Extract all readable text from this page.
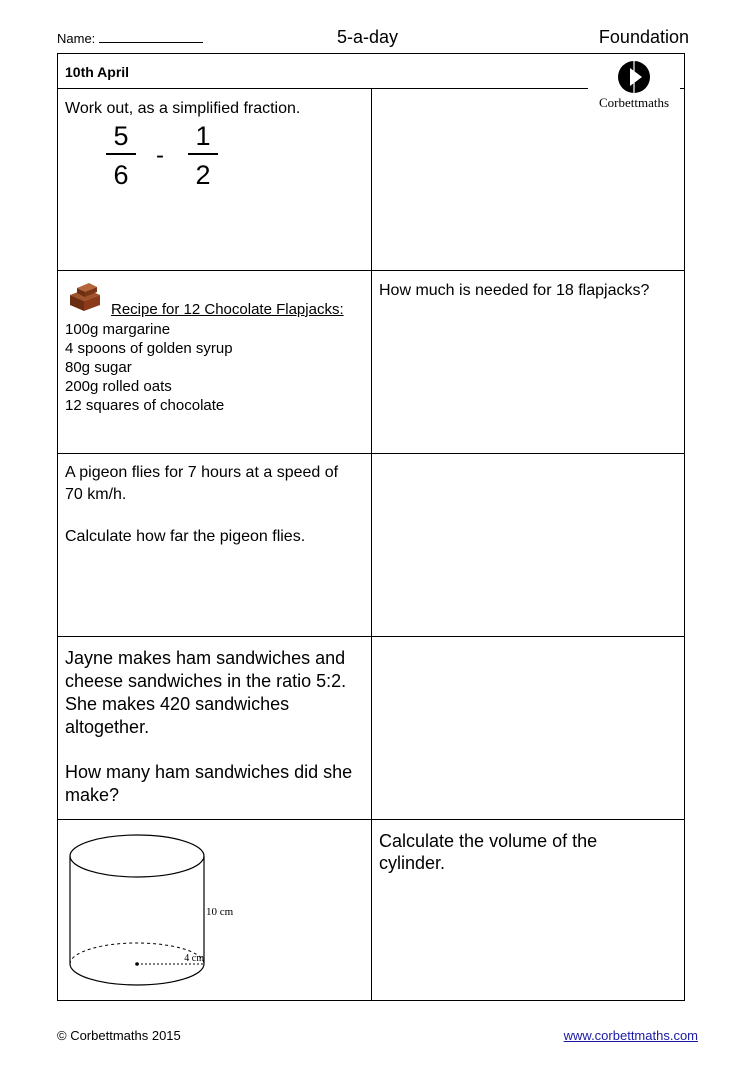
Name:	5-a-day	Foundation
10th April
Corbettmaths
Work out, as a simplified fraction.
5
6
-
1
2
Recipe for 12 Chocolate Flapjacks:
100g margarine
4 spoons of golden syrup
80g sugar
200g rolled oats
12 squares of chocolate
How much is needed for 18 flapjacks?
A pigeon flies for 7 hours at a speed of
70 km/h.
Calculate how far the pigeon flies.
Jayne makes ham sandwiches and
cheese sandwiches in the ratio 5:2.
She makes 420 sandwiches
altogether.
How many ham sandwiches did she
make?
4 cm
10 cm
Calculate the volume of the
cylinder.
© Corbettmaths 2015	www.corbettmaths.com
